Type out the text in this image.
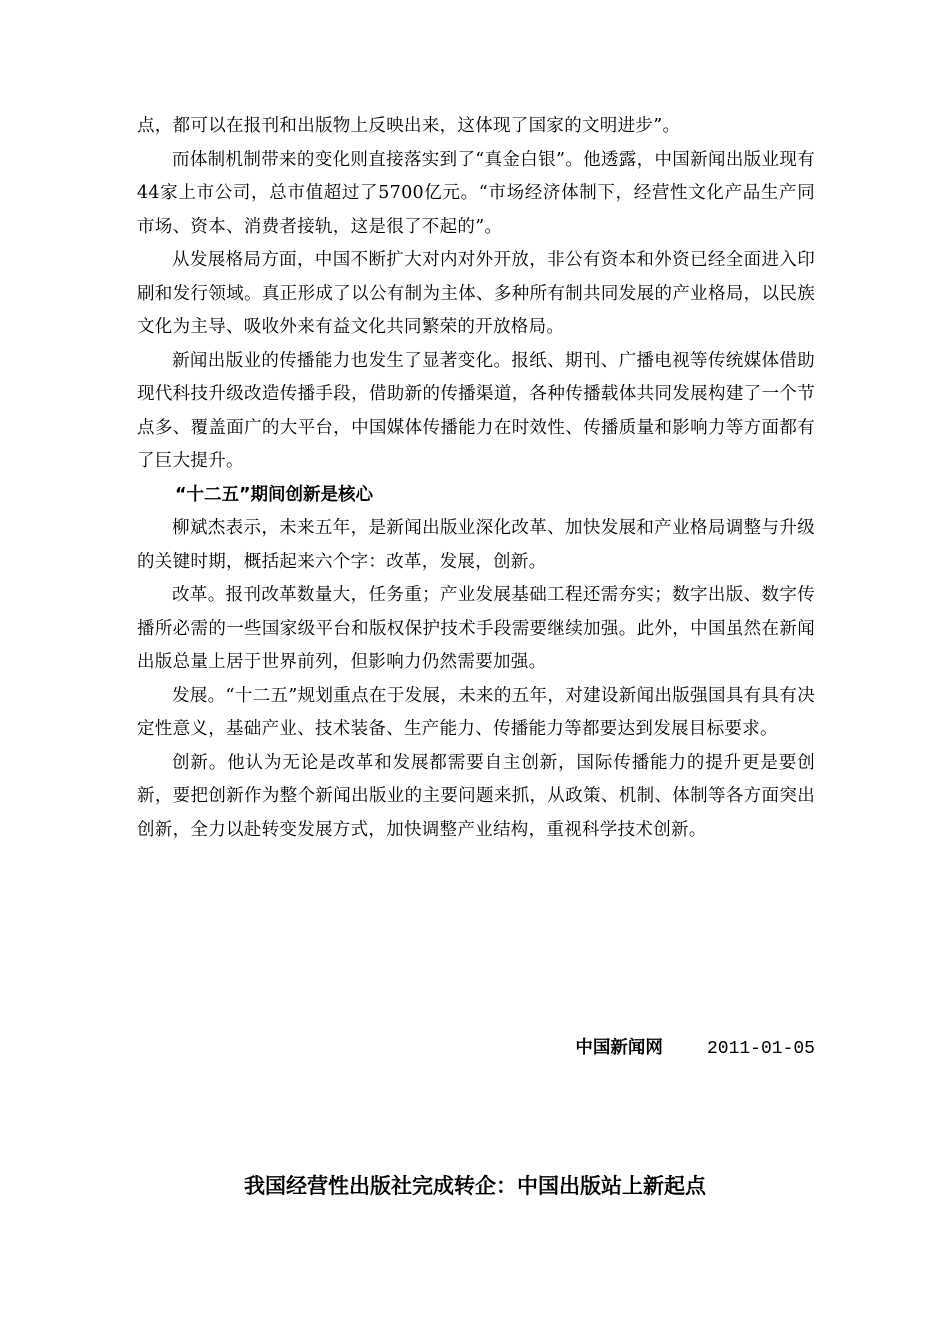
点，都可以在报刊和出版物上反映出来，这体现了国家的文明进步”。

而体制机制带来的变化则直接落实到了“真金白银”。他透露，中国新闻出版业现有44家上市公司，总市值超过了5700亿元。“市场经济体制下，经营性文化产品生产同市场、资本、消费者接轨，这是很了不起的”。

从发展格局方面，中国不断扩大对内对外开放，非公有资本和外资已经全面进入印刷和发行领域。真正形成了以公有制为主体、多种所有制共同发展的产业格局，以民族文化为主导、吸收外来有益文化共同繁荣的开放格局。

新闻出版业的传播能力也发生了显著变化。报纸、期刊、广播电视等传统媒体借助现代科技升级改造传播手段，借助新的传播渠道，各种传播载体共同发展构建了一个节点多、覆盖面广的大平台，中国媒体传播能力在时效性、传播质量和影响力等方面都有了巨大提升。

“十二五”期间创新是核心

柳斌杰表示，未来五年，是新闻出版业深化改革、加快发展和产业格局调整与升级的关键时期，概括起来六个字：改革，发展，创新。

改革。报刊改革数量大，任务重；产业发展基础工程还需夯实；数字出版、数字传播所必需的一些国家级平台和版权保护技术手段需要继续加强。此外，中国虽然在新闻出版总量上居于世界前列，但影响力仍然需要加强。

发展。“十二五”规划重点在于发展，未来的五年，对建设新闻出版强国具有具有决定性意义，基础产业、技术装备、生产能力、传播能力等都要达到发展目标要求。

创新。他认为无论是改革和发展都需要自主创新，国际传播能力的提升更是要创新，要把创新作为整个新闻出版业的主要问题来抓，从政策、机制、体制等各方面突出创新，全力以赴转变发展方式，加快调整产业结构，重视科学技术创新。

中国新闻网 2011-01-05
我国经营性出版社完成转企：中国出版站上新起点
